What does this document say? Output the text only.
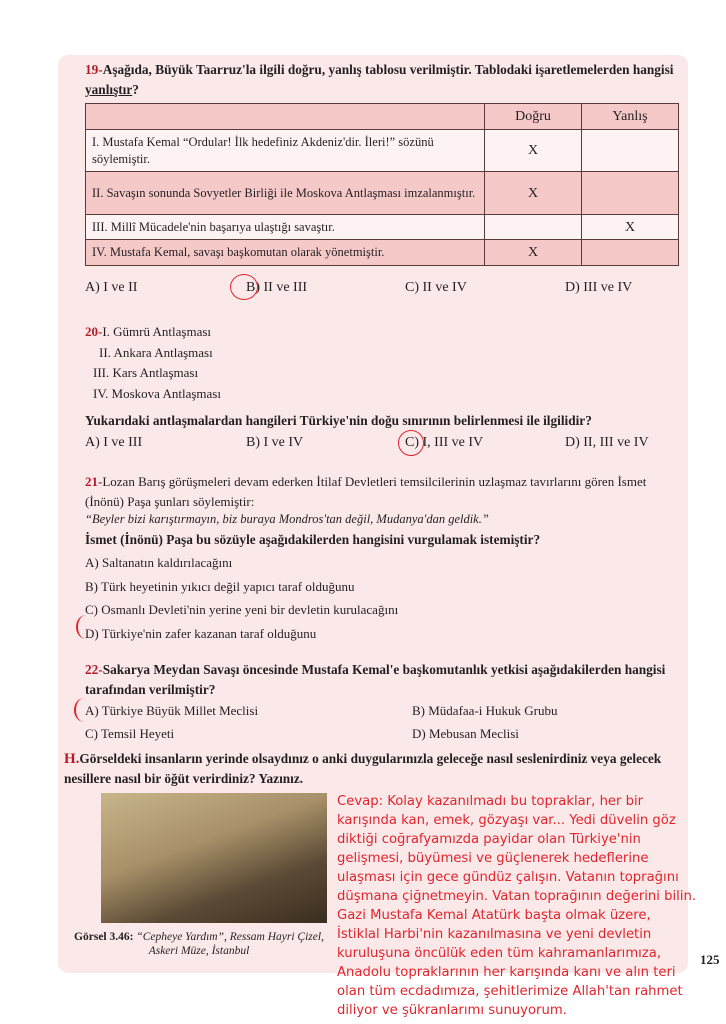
19-Aşağıda, Büyük Taarruz'la ilgili doğru, yanlış tablosu verilmiştir. Tablodaki işaretlemelerden hangisi yanlıştır?
	Doğru	Yanlış
I. Mustafa Kemal “Ordular! İlk hedefiniz Akdeniz'dir. İleri!” sözünü söylemiştir.	X	
II. Savaşın sonunda Sovyetler Birliği ile Moskova Antlaşması imzalanmıştır.	X	
III. Millî Mücadele'nin başarıya ulaştığı savaştır.		X
IV. Mustafa Kemal, savaşı başkomutan olarak yönetmiştir.	X	
A) I ve II	B) II ve III	C) II ve IV	D) III ve IV
20-I. Gümrü Antlaşması
II. Ankara Antlaşması
III. Kars Antlaşması
IV. Moskova Antlaşması
Yukarıdaki antlaşmalardan hangileri Türkiye'nin doğu sınırının belirlenmesi ile ilgilidir?
A) I ve III	B) I ve IV	C) I, III ve IV	D) II, III ve IV
21-Lozan Barış görüşmeleri devam ederken İtilaf Devletleri temsilcilerinin uzlaşmaz tavırlarını gören İsmet (İnönü) Paşa şunları söylemiştir:
“Beyler bizi karıştırmayın, biz buraya Mondros'tan değil, Mudanya'dan geldik.”
İsmet (İnönü) Paşa bu sözüyle aşağıdakilerden hangisini vurgulamak istemiştir?
A) Saltanatın kaldırılacağını
B) Türk heyetinin yıkıcı değil yapıcı taraf olduğunu
C) Osmanlı Devleti'nin yerine yeni bir devletin kurulacağını
D) Türkiye'nin zafer kazanan taraf olduğunu
22-Sakarya Meydan Savaşı öncesinde Mustafa Kemal'e başkomutanlık yetkisi aşağıdakilerden hangisi tarafından verilmiştir?
A) Türkiye Büyük Millet Meclisi	B) Müdafaa-i Hukuk Grubu
C) Temsil Heyeti	D) Mebusan Meclisi
H.Görseldeki insanların yerinde olsaydınız o anki duygularınızla geleceğe nasıl seslenirdiniz veya gelecek nesillere nasıl bir öğüt verirdiniz? Yazınız.
Görsel 3.46: “Cepheye Yardım”, Ressam Hayri Çizel,
Askeri Müze, İstanbul
Cevap: Kolay kazanılmadı bu topraklar, her bir karışında kan, emek, gözyaşı var... Yedi düvelin göz diktiği coğrafyamızda payidar olan Türkiye'nin gelişmesi, büyümesi ve güçlenerek hedeflerine ulaşması için gece gündüz çalışın. Vatanın toprağını düşmana çiğnetmeyin. Vatan toprağının değerini bilin. Gazi Mustafa Kemal Atatürk başta olmak üzere, İstiklal Harbi'nin kazanılmasına ve yeni devletin kuruluşuna öncülük eden tüm kahramanlarımıza, Anadolu topraklarının her karışında kanı ve alın teri olan tüm ecdadımıza, şehitlerimize Allah'tan rahmet diliyor ve şükranlarımı sunuyorum.
125
